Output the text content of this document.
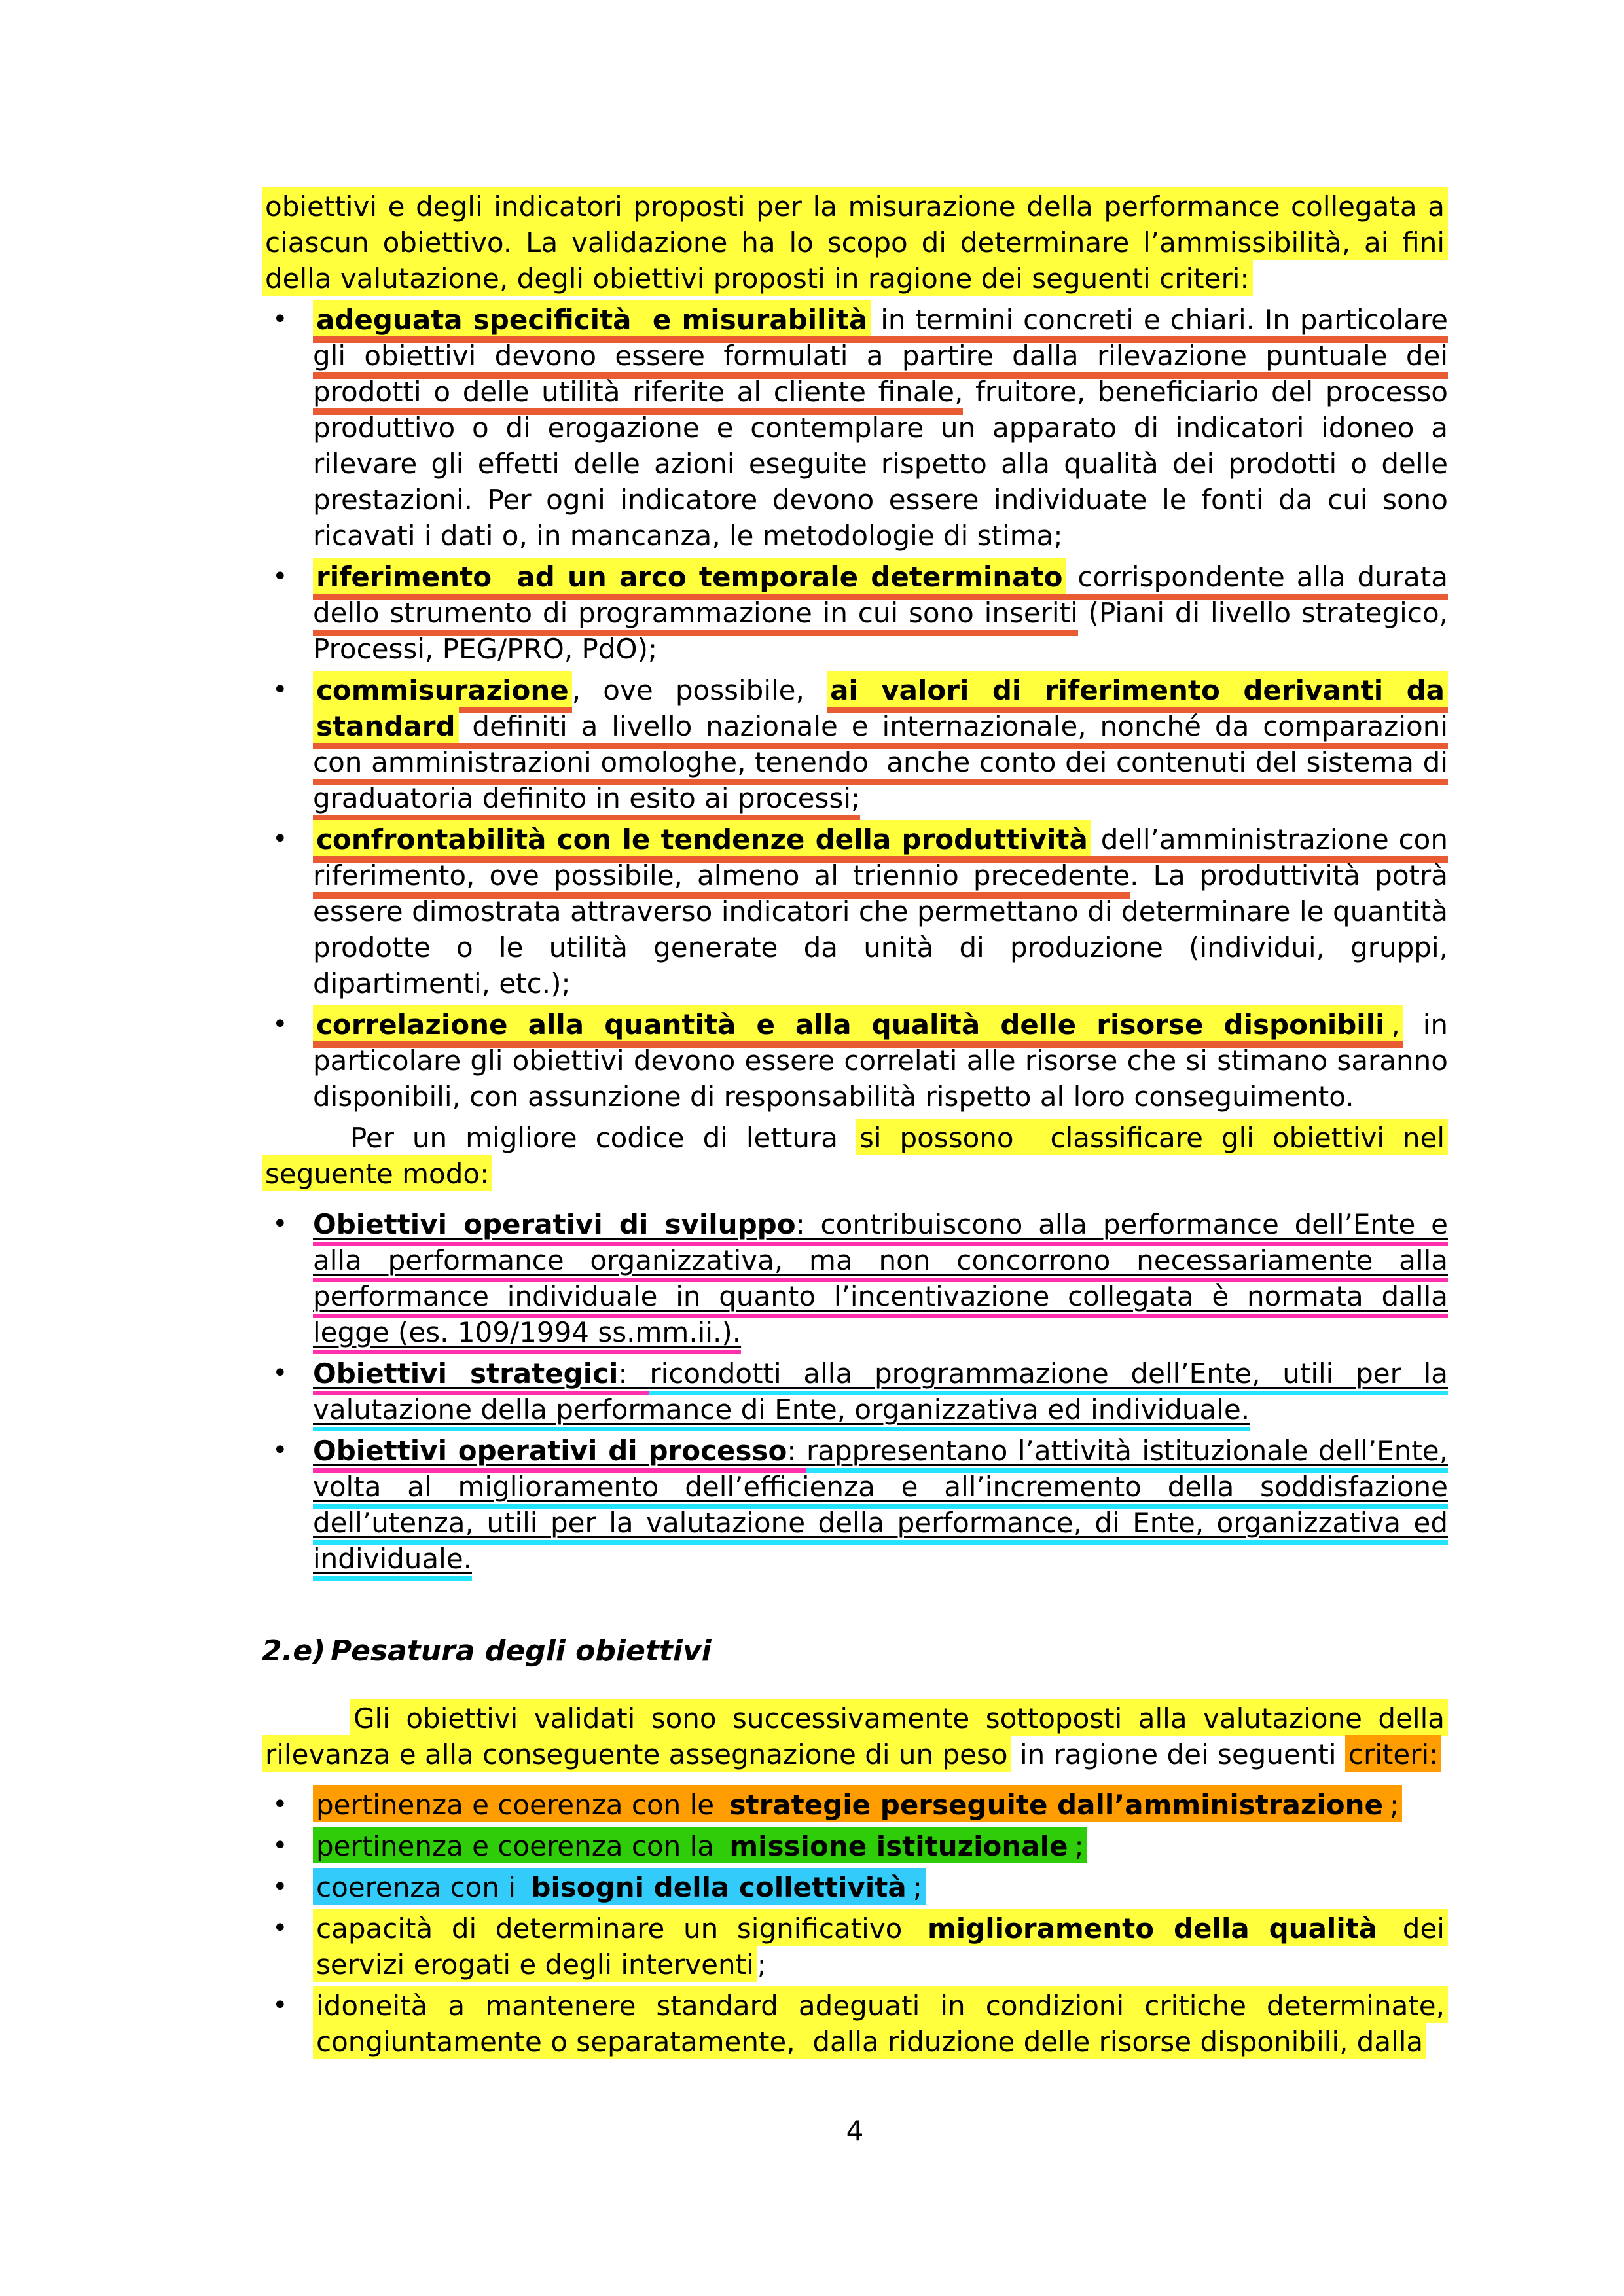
obiettivi e degli indicatori proposti per la misurazione della performance collegata a ciascun obiettivo. La validazione ha lo scopo di determinare l’ammissibilità, ai fini della valutazione, degli obiettivi proposti in ragione dei seguenti criteri:
•	adeguata specificità  e misurabilità in termini concreti e chiari. In particolare gli obiettivi devono essere formulati a partire dalla rilevazione puntuale dei prodotti o delle utilità riferite al cliente finale, fruitore, beneficiario del processo produttivo o di erogazione e contemplare un apparato di indicatori idoneo a rilevare gli effetti delle azioni eseguite rispetto alla qualità dei prodotti o delle prestazioni. Per ogni indicatore devono essere individuate le fonti da cui sono ricavati i dati o, in mancanza, le metodologie di stima;
•	riferimento  ad un arco temporale determinato corrispondente alla durata dello strumento di programmazione in cui sono inseriti (Piani di livello strategico, Processi, PEG/PRO, PdO);
•	commisurazione , ove possibile, ai valori di riferimento derivanti da standard definiti a livello nazionale e internazionale, nonché da comparazioni con amministrazioni omologhe, tenendo  anche conto dei contenuti del sistema di graduatoria definito in esito ai processi;
•	confrontabilità con le tendenze della produttività dell’amministrazione con riferimento, ove possibile, almeno al triennio precedente. La produttività potrà essere dimostrata attraverso indicatori che permettano di determinare le quantità prodotte o le utilità generate da unità di produzione (individui, gruppi, dipartimenti, etc.);
•	correlazione alla quantità e alla qualità delle risorse disponibili , in particolare gli obiettivi devono essere correlati alle risorse che si stimano saranno disponibili, con assunzione di responsabilità rispetto al loro conseguimento.
Per un migliore codice di lettura si possono  classificare gli obiettivi nel seguente modo:
• Obiettivi operativi di sviluppo: contribuiscono alla performance dell’Ente e alla performance organizzativa, ma non concorrono necessariamente alla performance individuale in quanto l’incentivazione collegata è normata dalla legge (es. 109/1994 ss.mm.ii.).
• Obiettivi strategici: ricondotti alla programmazione dell’Ente, utili per la valutazione della performance di Ente, organizzativa ed individuale.
• Obiettivi operativi di processo: rappresentano l’attività istituzionale dell’Ente, volta al miglioramento dell’efficienza e all’incremento della soddisfazione dell’utenza, utili per la valutazione della performance, di Ente, organizzativa ed individuale.
2.e) Pesatura degli obiettivi
Gli obiettivi validati sono successivamente sottoposti alla valutazione della rilevanza e alla conseguente assegnazione di un peso in ragione dei seguenti criteri:
•	pertinenza e coerenza con le strategie perseguite dall’amministrazione ;
•	pertinenza e coerenza con la missione istituzionale ;
•	coerenza con i bisogni della collettività ;
•	capacità di determinare un significativo miglioramento della qualità dei servizi erogati e degli interventi ;
•	idoneità a mantenere standard adeguati in condizioni critiche determinate, congiuntamente o separatamente,  dalla riduzione delle risorse disponibili, dalla
4
